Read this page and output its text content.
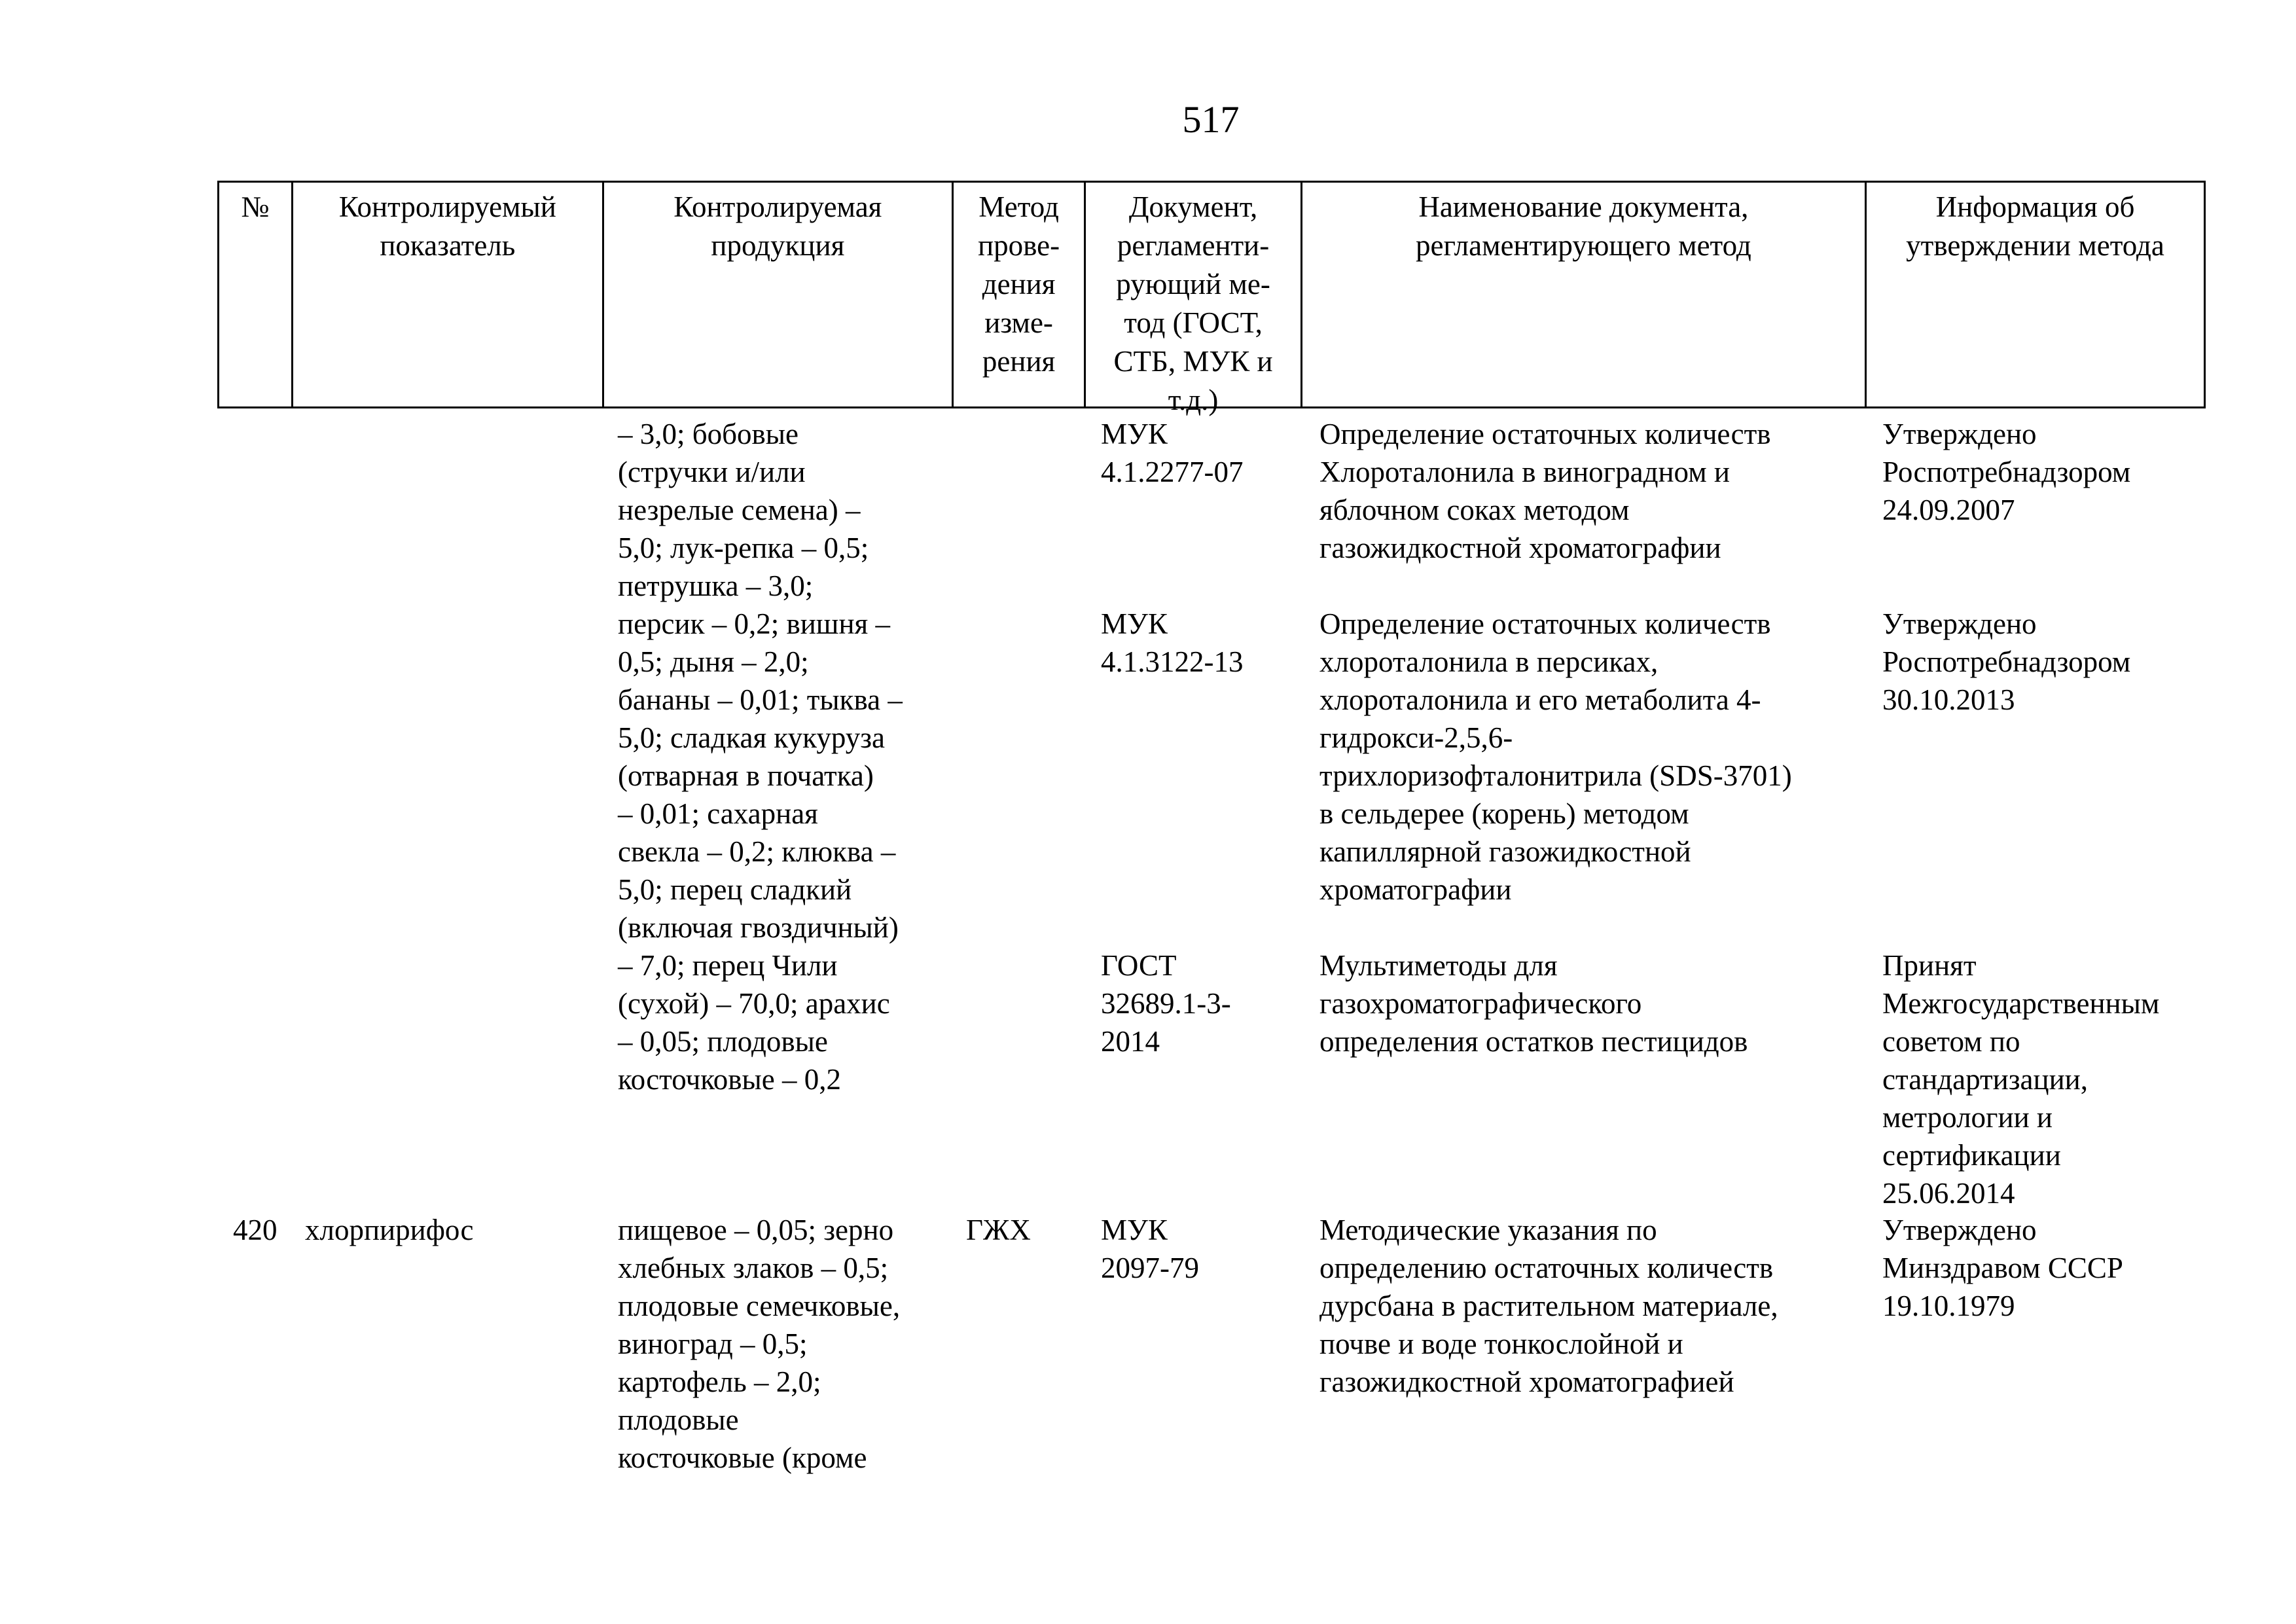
517
№	Контролируемый
показатель
Контролируемая
продукция
Метод
прове-
дения
изме-
рения
Документ,
регламенти-
рующий ме-
тод (ГОСТ,
СТБ, МУК и
т.д.)
Наименование документа,
регламентирующего метод
Информация об
утверждении метода
– 3,0; бобовые
(стручки и/или
незрелые семена) –
5,0; лук-репка – 0,5;
петрушка – 3,0;
персик – 0,2; вишня –
0,5; дыня – 2,0;
бананы – 0,01; тыква –
5,0; сладкая кукуруза
(отварная в початка)
– 0,01; сахарная
свекла – 0,2; клюква –
5,0; перец сладкий
(включая гвоздичный)
– 7,0; перец Чили
(сухой) – 70,0; арахис
– 0,05; плодовые
косточковые – 0,2
МУК
4.1.2277-07
Определение остаточных количеств
Хлороталонила в виноградном и
яблочном соках методом
газожидкостной хроматографии
Утверждено
Роспотребнадзором
24.09.2007
МУК
4.1.3122-13
Определение остаточных количеств
хлороталонила в персиках,
хлороталонила и его метаболита 4-
гидрокси-2,5,6-
трихлоризофталонитрила (SDS-3701)
в сельдерее (корень) методом
капиллярной газожидкостной
хроматографии
Утверждено
Роспотребнадзором
30.10.2013
ГОСТ
32689.1-3-
2014
Мультиметоды для
газохроматографического
определения остатков пестицидов
Принят
Межгосударственным
советом по
стандартизации,
метрологии и
сертификации
25.06.2014
420 хлорпирифос	пищевое – 0,05; зерно
хлебных злаков – 0,5;
плодовые семечковые,
виноград – 0,5;
картофель – 2,0;
плодовые
косточковые (кроме
ГЖХ МУК
2097-79
Методические указания по
определению остаточных количеств
дурсбана в растительном материале,
почве и воде тонкослойной и
газожидкостной хроматографией
Утверждено
Минздравом СССР
19.10.1979
